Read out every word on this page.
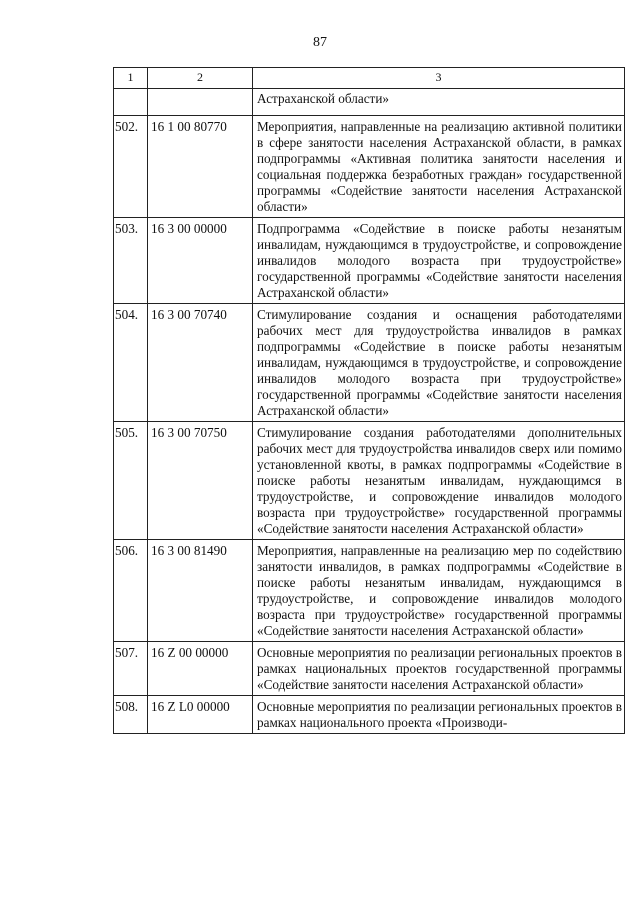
87
1	2	3
		Астраханской области»
502.	16 1 00 80770	Мероприятия, направленные на реализацию активной политики в сфере занятости населения Астраханской области, в рамках подпрограммы «Активная политика занятости населения и социальная поддержка безработных граждан» государственной программы «Содействие занятости населения Астраханской области»
503.	16 3 00 00000	Подпрограмма «Содействие в поиске работы незанятым инвалидам, нуждающимся в трудоустройстве, и сопровождение инвалидов молодого возраста при трудоустройстве» государственной программы «Содействие занятости населения Астраханской области»
504.	16 3 00 70740	Стимулирование создания и оснащения работодателями рабочих мест для трудоустройства инвалидов в рамках подпрограммы «Содействие в поиске работы незанятым инвалидам, нуждающимся в трудоустройстве, и сопровождение инвалидов молодого возраста при трудоустройстве» государственной программы «Содействие занятости населения Астраханской области»
505.	16 3 00 70750	Стимулирование создания работодателями дополнительных рабочих мест для трудоустройства инвалидов сверх или помимо установленной квоты, в рамках подпрограммы «Содействие в поиске работы незанятым инвалидам, нуждающимся в трудоустройстве, и сопровождение инвалидов молодого возраста при трудоустройстве» государственной программы «Содействие занятости населения Астраханской области»
506.	16 3 00 81490	Мероприятия, направленные на реализацию мер по содействию занятости инвалидов, в рамках подпрограммы «Содействие в поиске работы незанятым инвалидам, нуждающимся в трудоустройстве, и сопровождение инвалидов молодого возраста при трудоустройстве» государственной программы «Содействие занятости населения Астраханской области»
507.	16 Z 00 00000	Основные мероприятия по реализации региональных проектов в рамках национальных проектов государственной программы «Содействие занятости населения Астраханской области»
508.	16 Z L0 00000	Основные мероприятия по реализации региональных проектов в рамках национального проекта «Производи-
